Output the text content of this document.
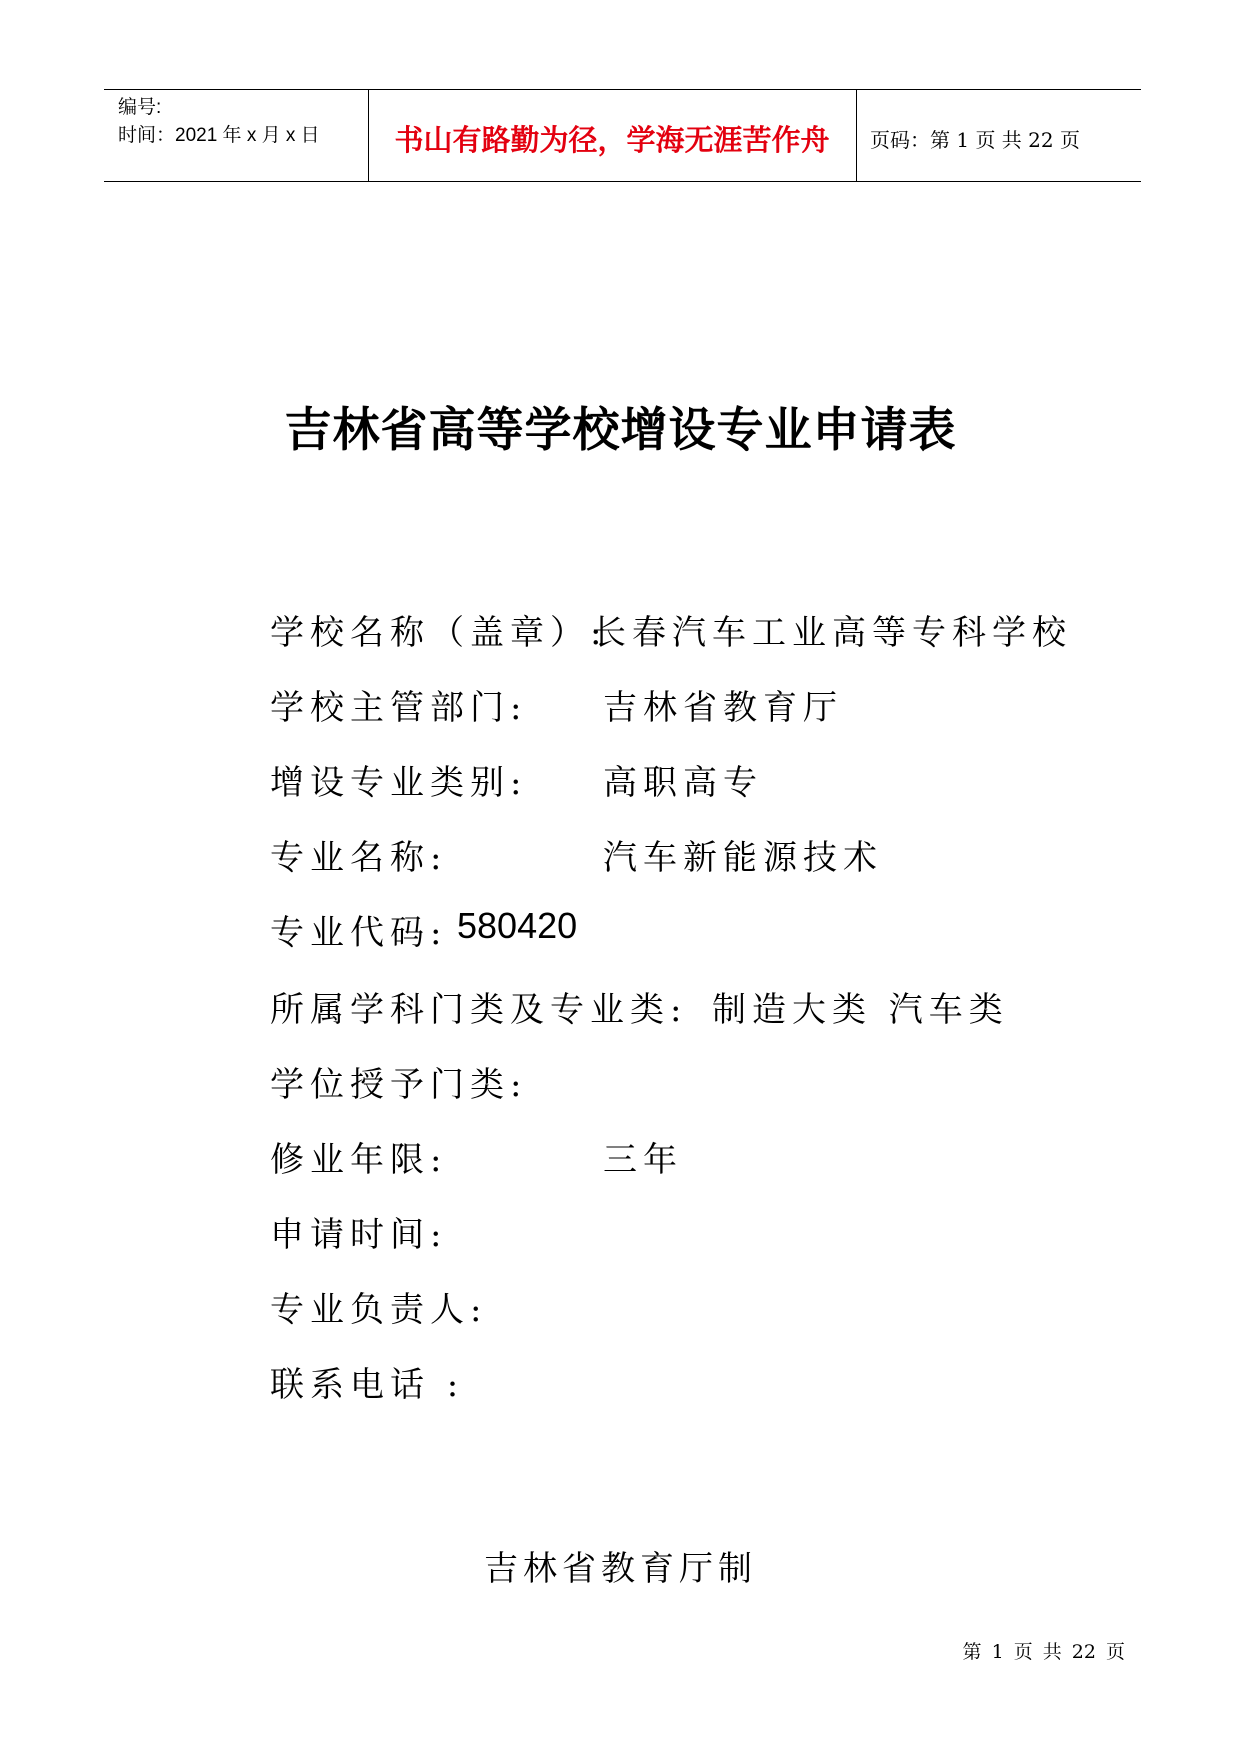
编号:
时间：2021 年 x 月 x 日	书山有路勤为径，学海无涯苦作舟	页码：第 1 页 共 22 页
吉林省高等学校增设专业申请表
学校名称（盖章）:
长春汽车工业高等专科学校
学校主管部门: 吉林省教育厅
增设专业类别: 高职高专
专业名称:	汽车新能源技术
专业代码: 580420
所属学科门类及专业类: 制造大类 汽车类
学位授予门类:
修业年限:	三年
申请时间:
专业负责人:
联系电话 :
吉林省教育厅制
第 1 页 共 22 页
